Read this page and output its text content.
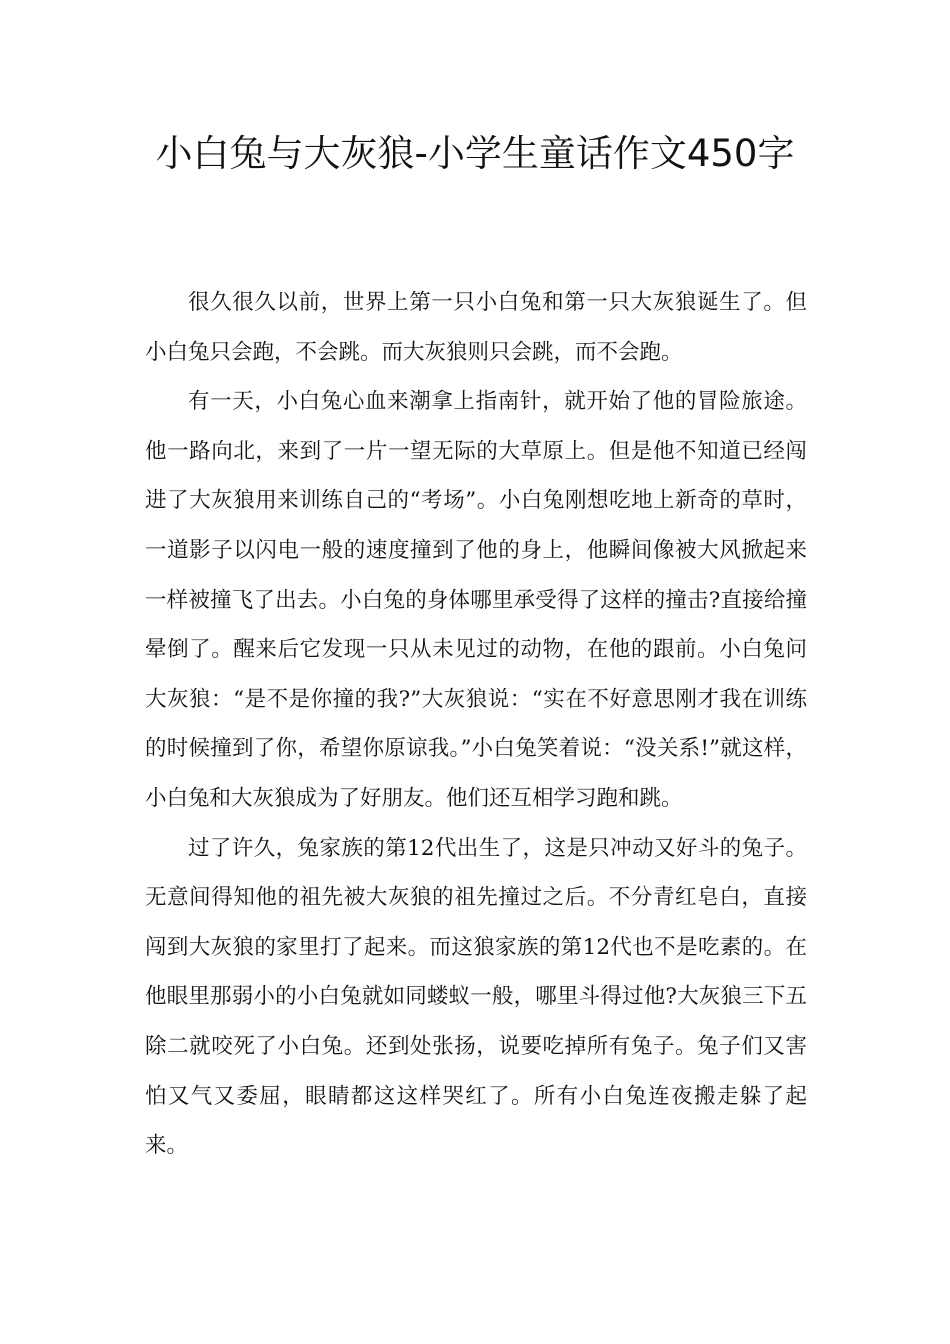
小白兔与大灰狼-小学生童话作文450字

很久很久以前，世界上第一只小白兔和第一只大灰狼诞生了。但小白兔只会跑，不会跳。而大灰狼则只会跳，而不会跑。

有一天，小白兔心血来潮拿上指南针，就开始了他的冒险旅途。他一路向北，来到了一片一望无际的大草原上。但是他不知道已经闯进了大灰狼用来训练自己的“考场”。小白兔刚想吃地上新奇的草时，一道影子以闪电一般的速度撞到了他的身上，他瞬间像被大风掀起来一样被撞飞了出去。小白兔的身体哪里承受得了这样的撞击?直接给撞晕倒了。醒来后它发现一只从未见过的动物，在他的跟前。小白兔问大灰狼：“是不是你撞的我?”大灰狼说：“实在不好意思刚才我在训练的时候撞到了你，希望你原谅我。”小白兔笑着说：“没关系!”就这样，小白兔和大灰狼成为了好朋友。他们还互相学习跑和跳。

过了许久，兔家族的第12代出生了，这是只冲动又好斗的兔子。无意间得知他的祖先被大灰狼的祖先撞过之后。不分青红皂白，直接闯到大灰狼的家里打了起来。而这狼家族的第12代也不是吃素的。在他眼里那弱小的小白兔就如同蝼蚁一般，哪里斗得过他?大灰狼三下五除二就咬死了小白兔。还到处张扬，说要吃掉所有兔子。兔子们又害怕又气又委屈，眼睛都这这样哭红了。所有小白兔连夜搬走躲了起来。
